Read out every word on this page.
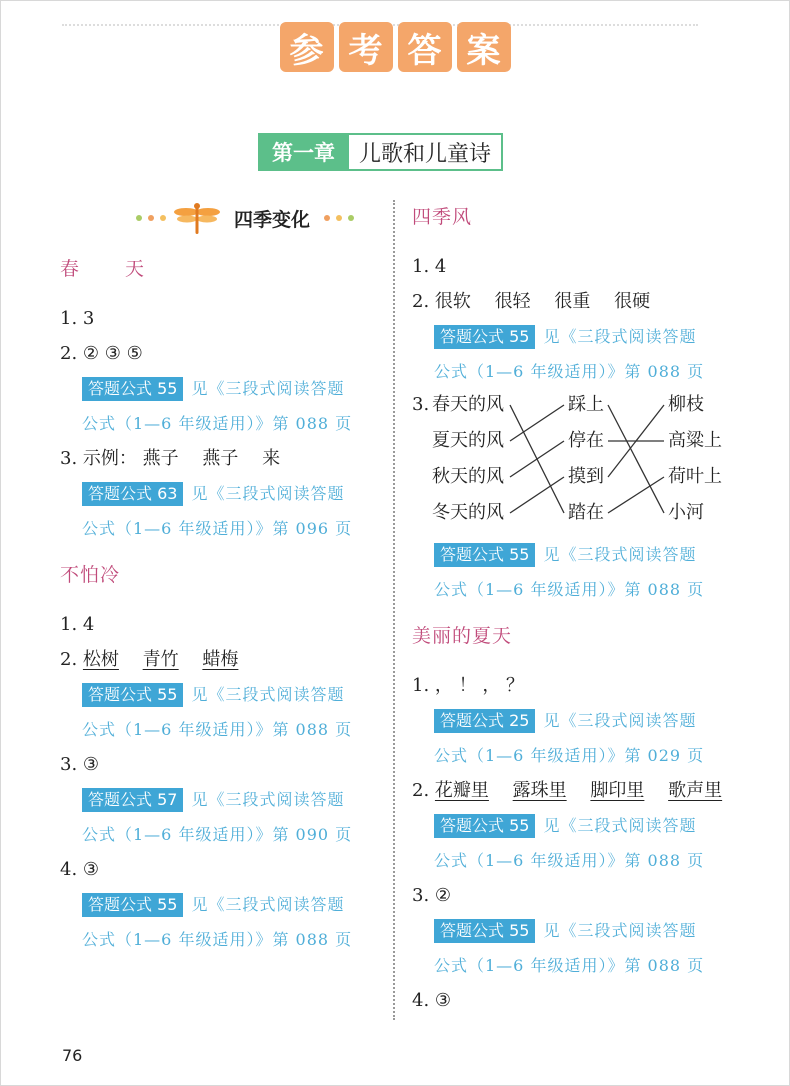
参 考 答 案
第一章	儿歌和儿童诗
四季变化
春 天
1. 3
2. ② ③ ⑤
答题公式 55 见《三段式阅读答题
公式（1—6 年级适用）》第 088 页
3. 示例： 燕子 燕子 来
答题公式 63 见《三段式阅读答题
公式（1—6 年级适用）》第 096 页
不怕冷
1. 4
2. 松树 青竹 蜡梅
答题公式 55 见《三段式阅读答题
公式（1—6 年级适用）》第 088 页
3. ③
答题公式 57 见《三段式阅读答题
公式（1—6 年级适用）》第 090 页
4. ③
答题公式 55 见《三段式阅读答题
公式（1—6 年级适用）》第 088 页
四季风
1. 4
2. 很软 很轻 很重 很硬
答题公式 55 见《三段式阅读答题
公式（1—6 年级适用）》第 088 页
3. 春天的风
夏天的风
秋天的风
冬天的风
踩上
停在
摸到
踏在
柳枝
高粱上
荷叶上
小河
答题公式 55 见《三段式阅读答题
公式（1—6 年级适用）》第 088 页
美丽的夏天
1. ， ！ ， ？
答题公式 25 见《三段式阅读答题
公式（1—6 年级适用）》第 029 页
2. 花瓣里 露珠里 脚印里 歌声里
答题公式 55 见《三段式阅读答题
公式（1—6 年级适用）》第 088 页
3. ②
答题公式 55 见《三段式阅读答题
公式（1—6 年级适用）》第 088 页
4. ③
76
